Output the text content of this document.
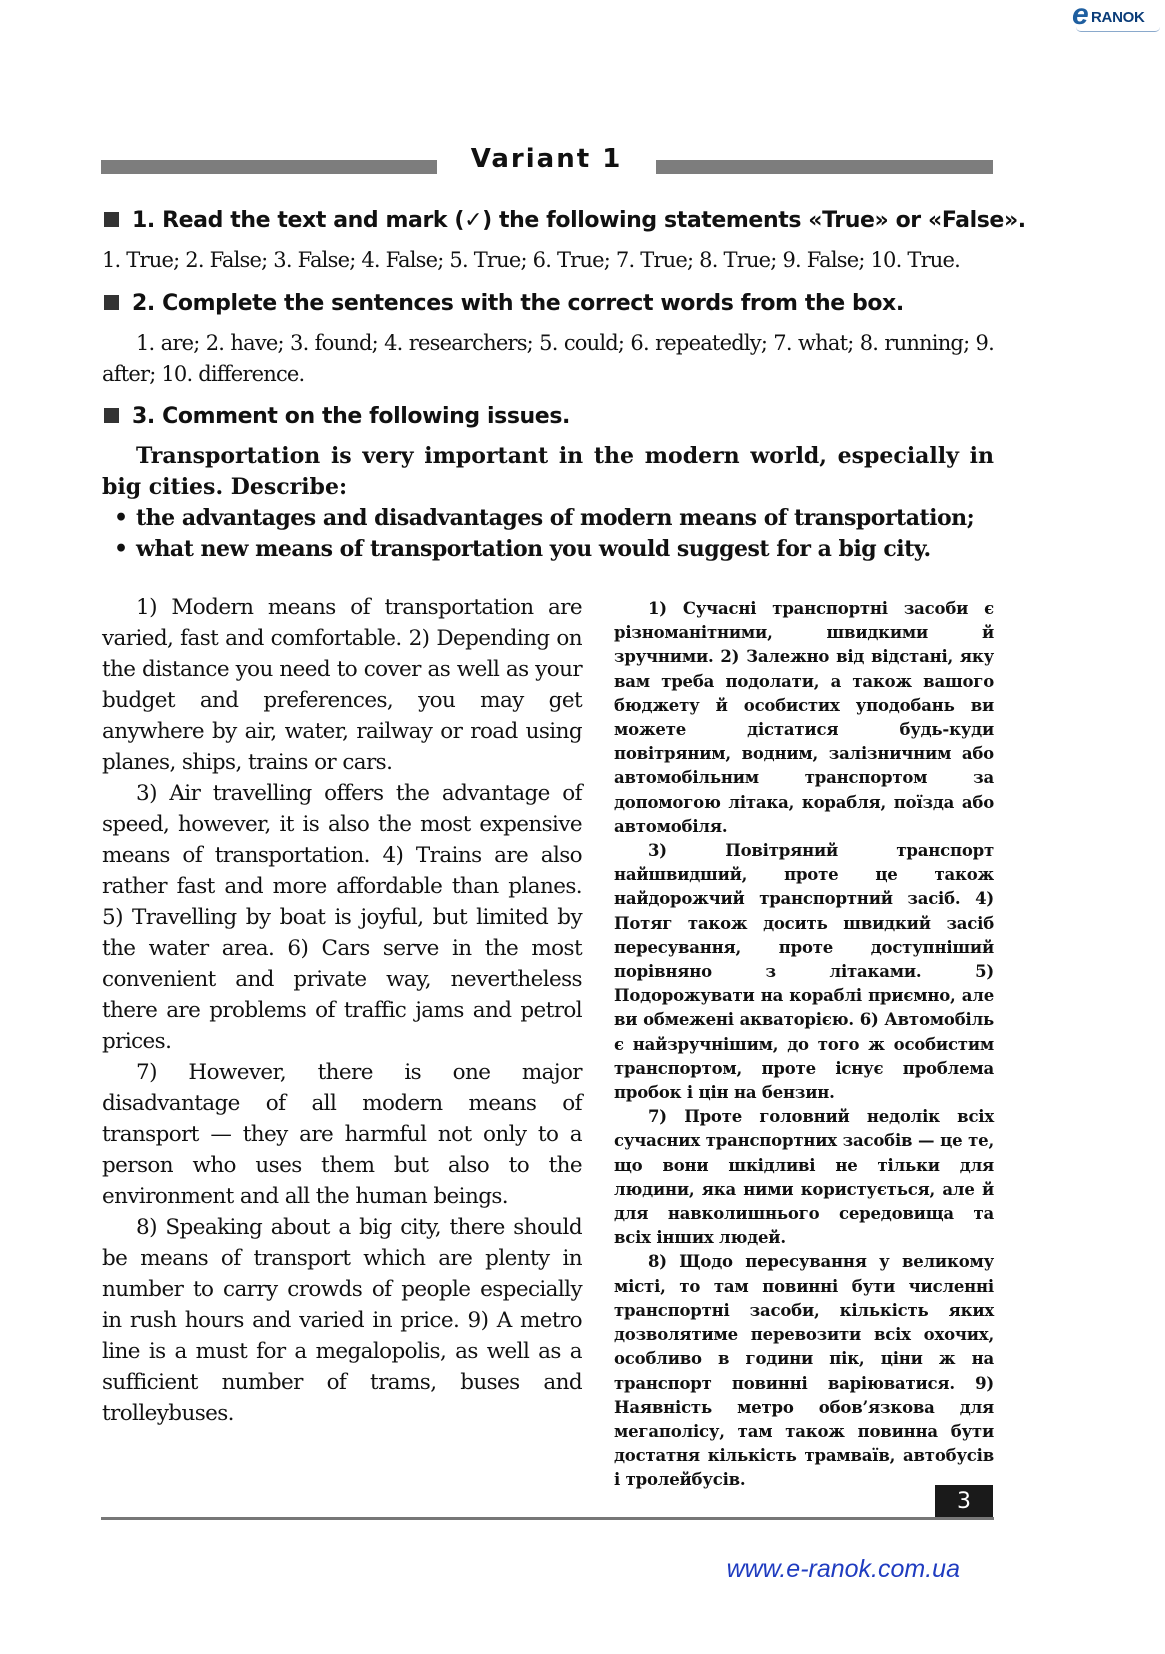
e RANOK
Variant 1
1. Read the text and mark (✓) the following statements «True» or «False».
1. True; 2. False; 3. False; 4. False; 5. True; 6. True; 7. True; 8. True; 9. False; 10. True.
2. Complete the sentences with the correct words from the box.
1. are; 2. have; 3. found; 4. researchers; 5. could; 6. repeatedly; 7. what; 8. running; 9. after; 10. difference.
3. Comment on the following issues.
Transportation is very important in the modern world, especially in big cities. Describe:
• the advantages and disadvantages of modern means of transportation;
• what new means of transportation you would suggest for a big city.

1) Modern means of transportation are varied, fast and comfortable. 2) Depending on the distance you need to cover as well as your budget and preferences, you may get anywhere by air, water, railway or road using planes, ships, trains or cars.

3) Air travelling offers the advantage of speed, however, it is also the most expensive means of transportation. 4) Trains are also rather fast and more affordable than planes. 5) Travelling by boat is joyful, but limited by the water area. 6) Cars serve in the most convenient and private way, nevertheless there are problems of traffic jams and petrol prices.

7) However, there is one major disadvantage of all modern means of transport — they are harmful not only to a person who uses them but also to the environment and all the human beings.

8) Speaking about a big city, there should be means of transport which are plenty in number to carry crowds of people especially in rush hours and varied in price. 9) A metro line is a must for a megalopolis, as well as a sufficient number of trams, buses and trolleybuses.

1) Сучасні транспортні засоби є різноманітними, швидкими й зручними. 2) Залежно від відстані, яку вам треба подолати, а також вашого бюджету й особистих уподобань ви можете дістатися будь-куди повітряним, водним, залізничним або автомобільним транспортом за допомогою літака, корабля, поїзда або автомобіля.

3) Повітряний транспорт найшвидший, проте це також найдорожчий транспортний засіб. 4) Потяг також досить швидкий засіб пересування, проте доступніший порівняно з літаками. 5) Подорожувати на кораблі приємно, але ви обмежені акваторією. 6) Автомобіль є найзручнішим, до того ж особистим транспортом, проте існує проблема пробок і цін на бензин.

7) Проте головний недолік всіх сучасних транспортних засобів — це те, що вони шкідливі не тільки для людини, яка ними користується, але й для навколишнього середовища та всіх інших людей.

8) Щодо пересування у великому місті, то там повинні бути численні транспортні засоби, кількість яких дозволятиме перевозити всіх охочих, особливо в години пік, ціни ж на транспорт повинні варіюватися. 9) Наявність метро обов’язкова для мегаполісу, там також повинна бути достатня кількість трамваїв, автобусів і тролейбусів.

3
www.e-ranok.com.ua
